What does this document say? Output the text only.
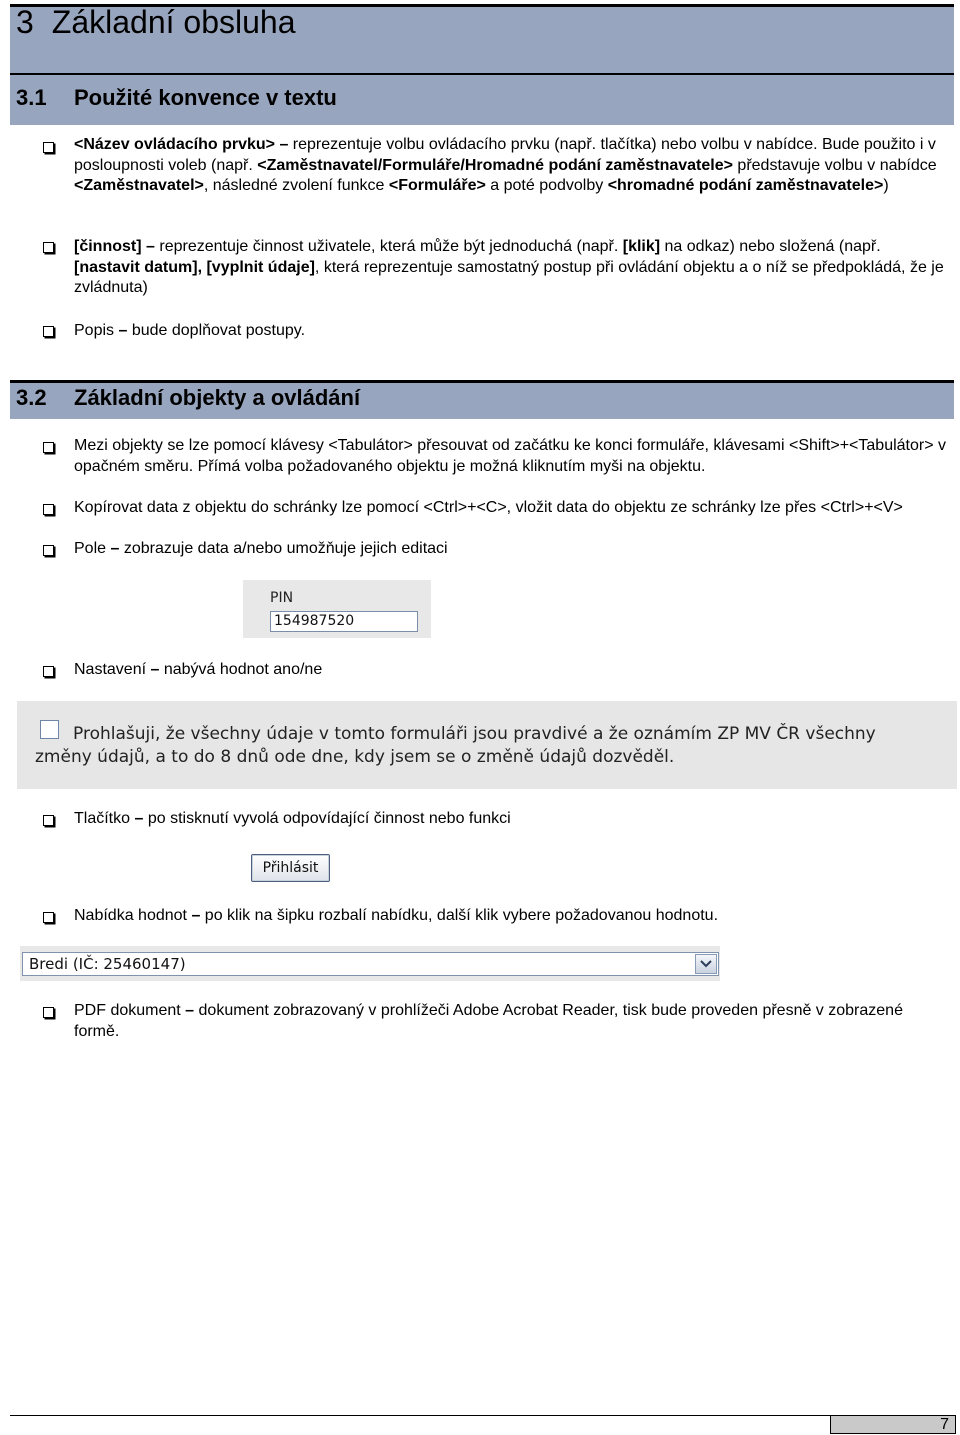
3 Základní obsluha
3.1 Použité konvence v textu
<Název ovládacího prvku> – reprezentuje volbu ovládacího prvku (např. tlačítka) nebo volbu v nabídce. Bude použito i v posloupnosti voleb (např. <Zaměstnavatel/Formuláře/Hromadné podání zaměstnavatele> představuje volbu v nabídce <Zaměstnavatel>, následné zvolení funkce <Formuláře> a poté podvolby <hromadné podání zaměstnavatele>)
[činnost] – reprezentuje činnost uživatele, která může být jednoduchá (např. [klik] na odkaz) nebo složená (např. [nastavit datum], [vyplnit údaje], která reprezentuje samostatný postup při ovládání objektu a o níž se předpokládá, že je zvládnuta)
Popis – bude doplňovat postupy.
3.2 Základní objekty a ovládání
Mezi objekty se lze pomocí klávesy <Tabulátor> přesouvat od začátku ke konci formuláře, klávesami <Shift>+<Tabulátor> v opačném směru. Přímá volba požadovaného objektu je možná kliknutím myši na objektu.
Kopírovat data z objektu do schránky lze pomocí <Ctrl>+<C>, vložit data do objektu ze schránky lze přes <Ctrl>+<V>
Pole – zobrazuje data a/nebo umožňuje jejich editaci
PIN
154987520
Nastavení – nabývá hodnot ano/ne
Prohlašuji, že všechny údaje v tomto formuláři jsou pravdivé a že oznámím ZP MV ČR všechny změny údajů, a to do 8 dnů ode dne, kdy jsem se o změně údajů dozvěděl.
Tlačítko – po stisknutí vyvolá odpovídající činnost nebo funkci
Přihlásit
Nabídka hodnot – po klik na šipku rozbalí nabídku, další klik vybere požadovanou hodnotu.
Bredi (IČ: 25460147)
PDF dokument – dokument zobrazovaný v prohlížeči Adobe Acrobat Reader, tisk bude proveden přesně v zobrazené formě.
7
